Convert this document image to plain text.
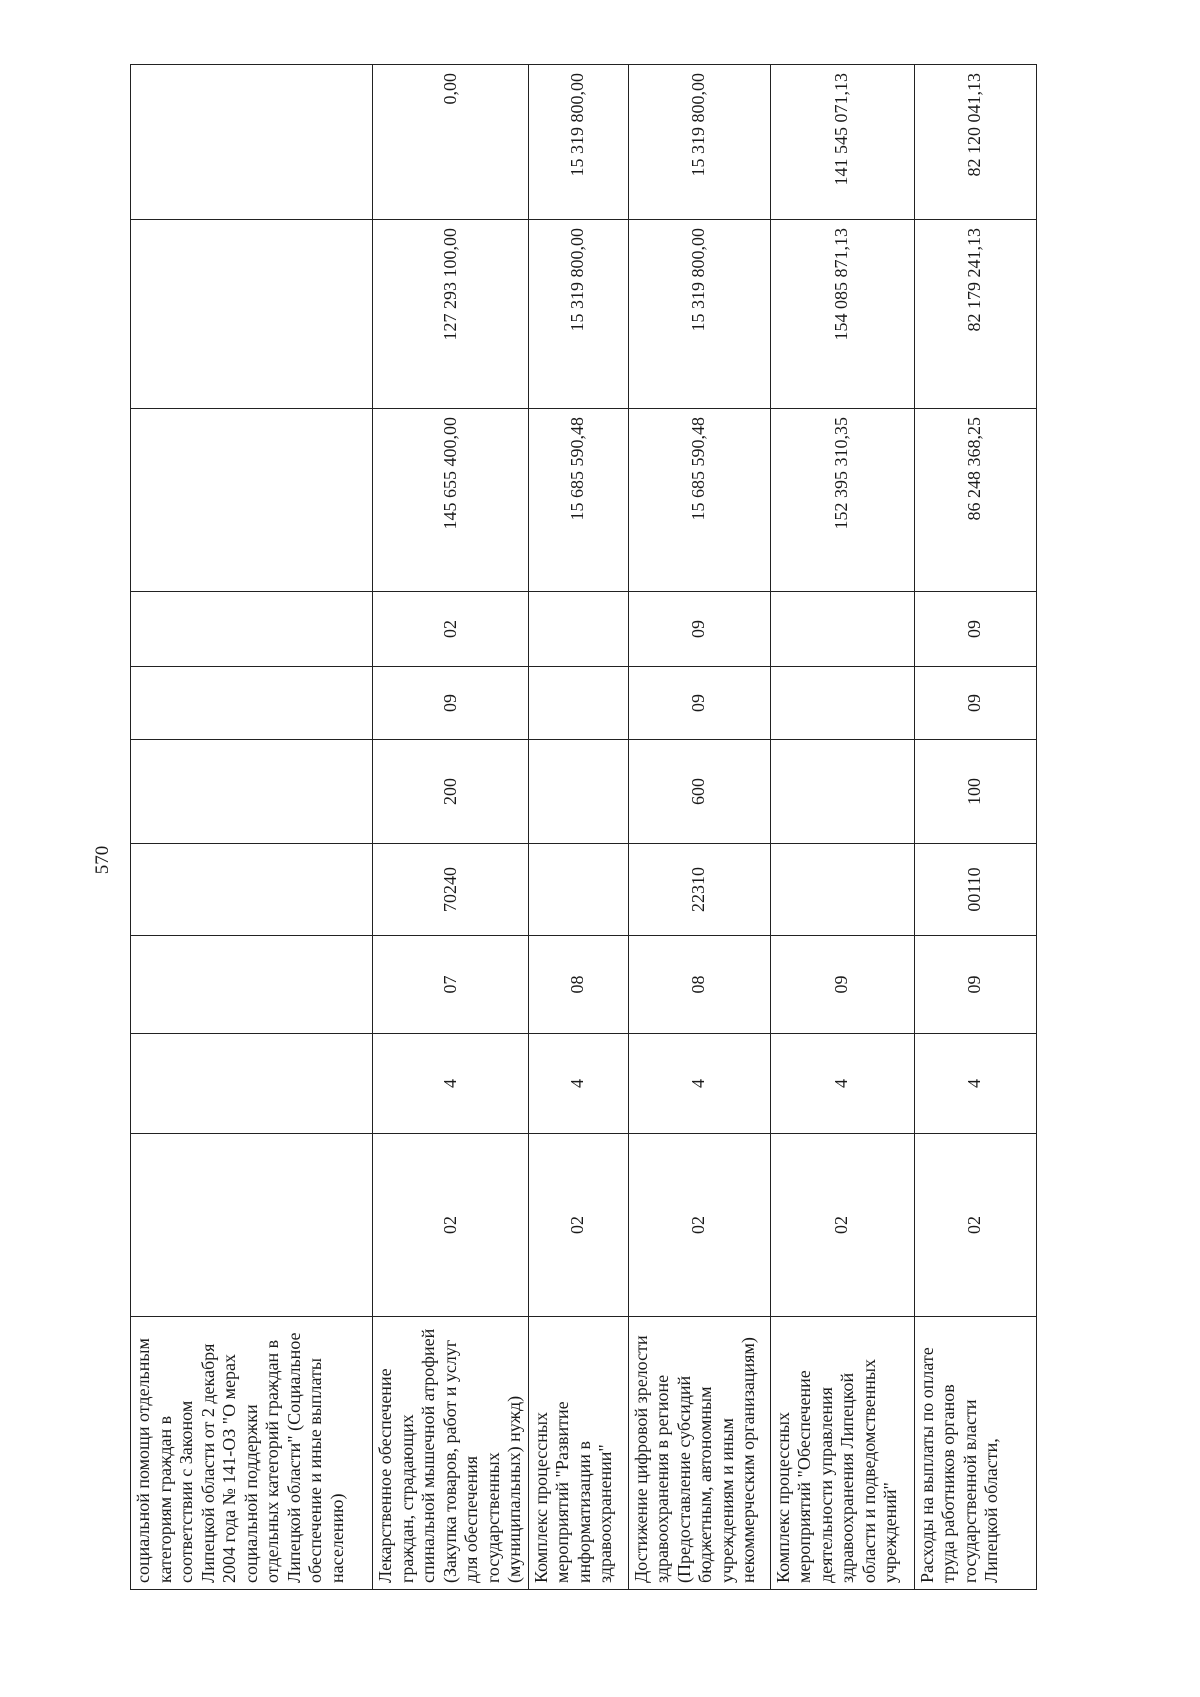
570
социальной помощи отдельным категориям граждан в соответствии с Законом Липецкой области от 2 декабря 2004 года № 141-ОЗ "О мерах социальной поддержки отдельных категорий граждан в Липецкой области" (Социальное обеспечение и иные выплаты населению)										
Лекарственное обеспечение граждан, страдающих спинальной мышечной атрофией (Закупка товаров, работ и услуг для обеспечения государственных (муниципальных) нужд)	02	4	07	70240	200	09	02	145 655 400,00	127 293 100,00	0,00
Комплекс процессных мероприятий "Развитие информатизации в здравоохранении"	02	4	08					15 685 590,48	15 319 800,00	15 319 800,00
Достижение цифровой зрелости здравоохранения в регионе (Предоставление субсидий бюджетным, автономным учреждениям и иным некоммерческим организациям)	02	4	08	22310	600	09	09	15 685 590,48	15 319 800,00	15 319 800,00
Комплекс процессных мероприятий "Обеспечение деятельности управления здравоохранения Липецкой области и подведомственных учреждений"	02	4	09					152 395 310,35	154 085 871,13	141 545 071,13
Расходы на выплаты по оплате труда работников органов государственной власти Липецкой области,	02	4	09	00110	100	09	09	86 248 368,25	82 179 241,13	82 120 041,13
